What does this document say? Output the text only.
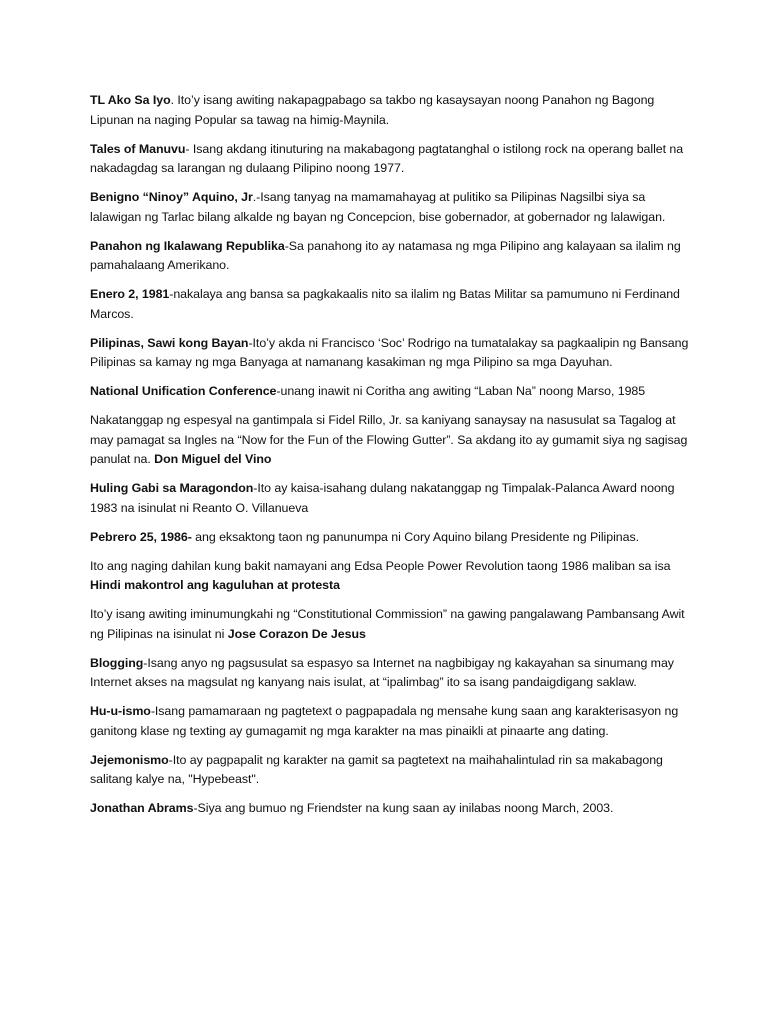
TL Ako Sa Iyo. Ito’y isang awiting nakapagpabago sa takbo ng kasaysayan noong Panahon ng Bagong Lipunan na naging Popular sa tawag na himig-Maynila.

Tales of Manuvu- Isang akdang itinuturing na makabagong pagtatanghal o istilong rock na operang ballet na nakadagdag sa larangan ng dulaang Pilipino noong 1977.

Benigno “Ninoy” Aquino, Jr.-Isang tanyag na mamamahayag at pulitiko sa Pilipinas Nagsilbi siya sa lalawigan ng Tarlac bilang alkalde ng bayan ng Concepcion, bise gobernador, at gobernador ng lalawigan.

Panahon ng Ikalawang Republika-Sa panahong ito ay natamasa ng mga Pilipino ang kalayaan sa ilalim ng pamahalaang Amerikano.

Enero 2, 1981-nakalaya ang bansa sa pagkakaalis nito sa ilalim ng Batas Militar sa pamumuno ni Ferdinand Marcos.

Pilipinas, Sawi kong Bayan-Ito’y akda ni Francisco ‘Soc’ Rodrigo na tumatalakay sa pagkaalipin ng Bansang Pilipinas sa kamay ng mga Banyaga at namanang kasakiman ng mga Pilipino sa mga Dayuhan.

National Unification Conference-unang inawit ni Coritha ang awiting “Laban Na” noong Marso, 1985

Nakatanggap ng espesyal na gantimpala si Fidel Rillo, Jr. sa kaniyang sanaysay na nasusulat sa Tagalog at may pamagat sa Ingles na “Now for the Fun of the Flowing Gutter”. Sa akdang ito ay gumamit siya ng sagisag panulat na. Don Miguel del Vino

Huling Gabi sa Maragondon-Ito ay kaisa-isahang dulang nakatanggap ng Timpalak-Palanca Award noong 1983 na isinulat ni Reanto O. Villanueva

Pebrero 25, 1986- ang eksaktong taon ng panunumpa ni Cory Aquino bilang Presidente ng Pilipinas.

Ito ang naging dahilan kung bakit namayani ang Edsa People Power Revolution taong 1986 maliban sa isa Hindi makontrol ang kaguluhan at protesta

Ito’y isang awiting iminumungkahi ng “Constitutional Commission” na gawing pangalawang Pambansang Awit ng Pilipinas na isinulat ni Jose Corazon De Jesus

Blogging-Isang anyo ng pagsusulat sa espasyo sa Internet na nagbibigay ng kakayahan sa sinumang may Internet akses na magsulat ng kanyang nais isulat, at “ipalimbag” ito sa isang pandaigdigang saklaw.

Hu-u-ismo-Isang pamamaraan ng pagtetext o pagpapadala ng mensahe kung saan ang karakterisasyon ng ganitong klase ng texting ay gumagamit ng mga karakter na mas pinaikli at pinaarte ang dating.

Jejemonismo-Ito ay pagpapalit ng karakter na gamit sa pagtetext na maihahalintulad rin sa makabagong salitang kalye na, "Hypebeast".

Jonathan Abrams-Siya ang bumuo ng Friendster na kung saan ay inilabas noong March, 2003.
